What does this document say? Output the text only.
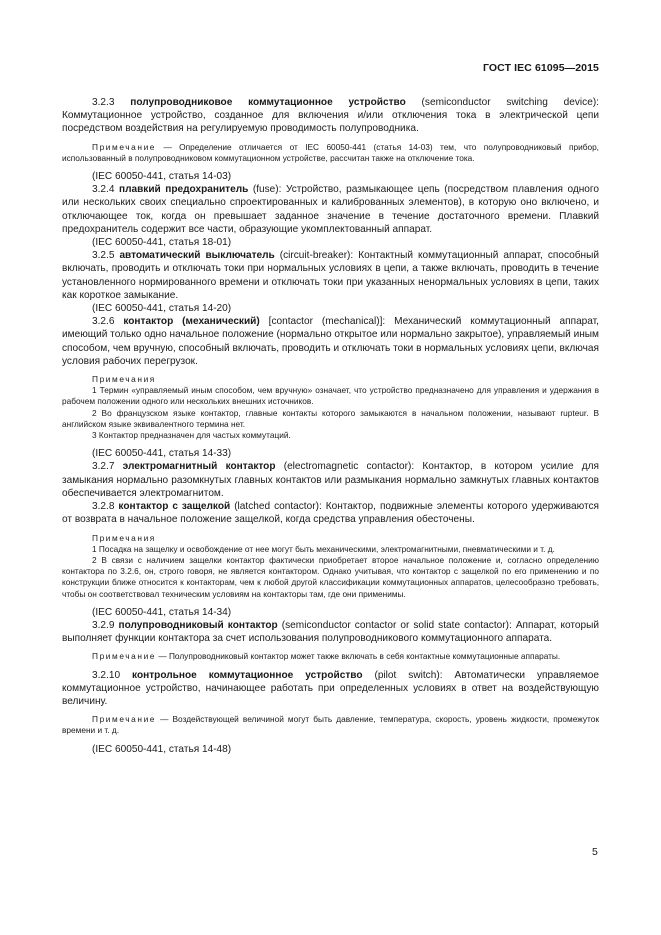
ГОСТ IEC 61095—2015

3.2.3 полупроводниковое коммутационное устройство (semiconductor switching device): Коммутационное устройство, созданное для включения и/или отключения тока в электрической цепи посредством воздействия на регулируемую проводимость полупроводника.

Примечание — Определение отличается от IEC 60050-441 (статья 14-03) тем, что полупроводниковый прибор, использованный в полупроводниковом коммутационном устройстве, рассчитан также на отключение тока.

(IEC 60050-441, статья 14-03)

3.2.4 плавкий предохранитель (fuse): Устройство, размыкающее цепь (посредством плавления одного или нескольких своих специально спроектированных и калиброванных элементов), в которую оно включено, и отключающее ток, когда он превышает заданное значение в течение достаточного времени. Плавкий предохранитель содержит все части, образующие укомплектованный аппарат.

(IEC 60050-441, статья 18-01)

3.2.5 автоматический выключатель (circuit-breaker): Контактный коммутационный аппарат, способный включать, проводить и отключать токи при нормальных условиях в цепи, а также включать, проводить в течение установленного нормированного времени и отключать токи при указанных ненормальных условиях в цепи, таких как короткое замыкание.

(IEC 60050-441, статья 14-20)

3.2.6 контактор (механический) [contactor (mechanical)]: Механический коммутационный аппарат, имеющий только одно начальное положение (нормально открытое или нормально закрытое), управляемый иным способом, чем вручную, способный включать, проводить и отключать токи в нормальных условиях цепи, включая условия рабочих перегрузок.

Примечания

1 Термин «управляемый иным способом, чем вручную» означает, что устройство предназначено для управления и удержания в рабочем положении одного или нескольких внешних источников.

2 Во французском языке контактор, главные контакты которого замыкаются в начальном положении, называют rupteur. В английском языке эквивалентного термина нет.

3 Контактор предназначен для частых коммутаций.

(IEC 60050-441, статья 14-33)

3.2.7 электромагнитный контактор (electromagnetic contactor): Контактор, в котором усилие для замыкания нормально разомкнутых главных контактов или размыкания нормально замкнутых главных контактов обеспечивается электромагнитом.

3.2.8 контактор с защелкой (latched contactor): Контактор, подвижные элементы которого удерживаются от возврата в начальное положение защелкой, когда средства управления обесточены.

Примечания

1 Посадка на защелку и освобождение от нее могут быть механическими, электромагнитными, пневматическими и т. д.

2 В связи с наличием защелки контактор фактически приобретает второе начальное положение и, согласно определению контактора по 3.2.6, он, строго говоря, не является контактором. Однако учитывая, что контактор с защелкой по его применению и по конструкции ближе относится к контакторам, чем к любой другой классификации коммутационных аппаратов, целесообразно требовать, чтобы он соответствовал техническим условиям на контакторы там, где они применимы.

(IEC 60050-441, статья 14-34)

3.2.9 полупроводниковый контактор (semiconductor contactor or solid state contactor): Аппарат, который выполняет функции контактора за счет использования полупроводникового коммутационного аппарата.

Примечание — Полупроводниковый контактор может также включать в себя контактные коммутационные аппараты.

3.2.10 контрольное коммутационное устройство (pilot switch): Автоматически управляемое коммутационное устройство, начинающее работать при определенных условиях в ответ на воздействующую величину.

Примечание — Воздействующей величиной могут быть давление, температура, скорость, уровень жидкости, промежуток времени и т. д.

(IEC 60050-441, статья 14-48)

5
